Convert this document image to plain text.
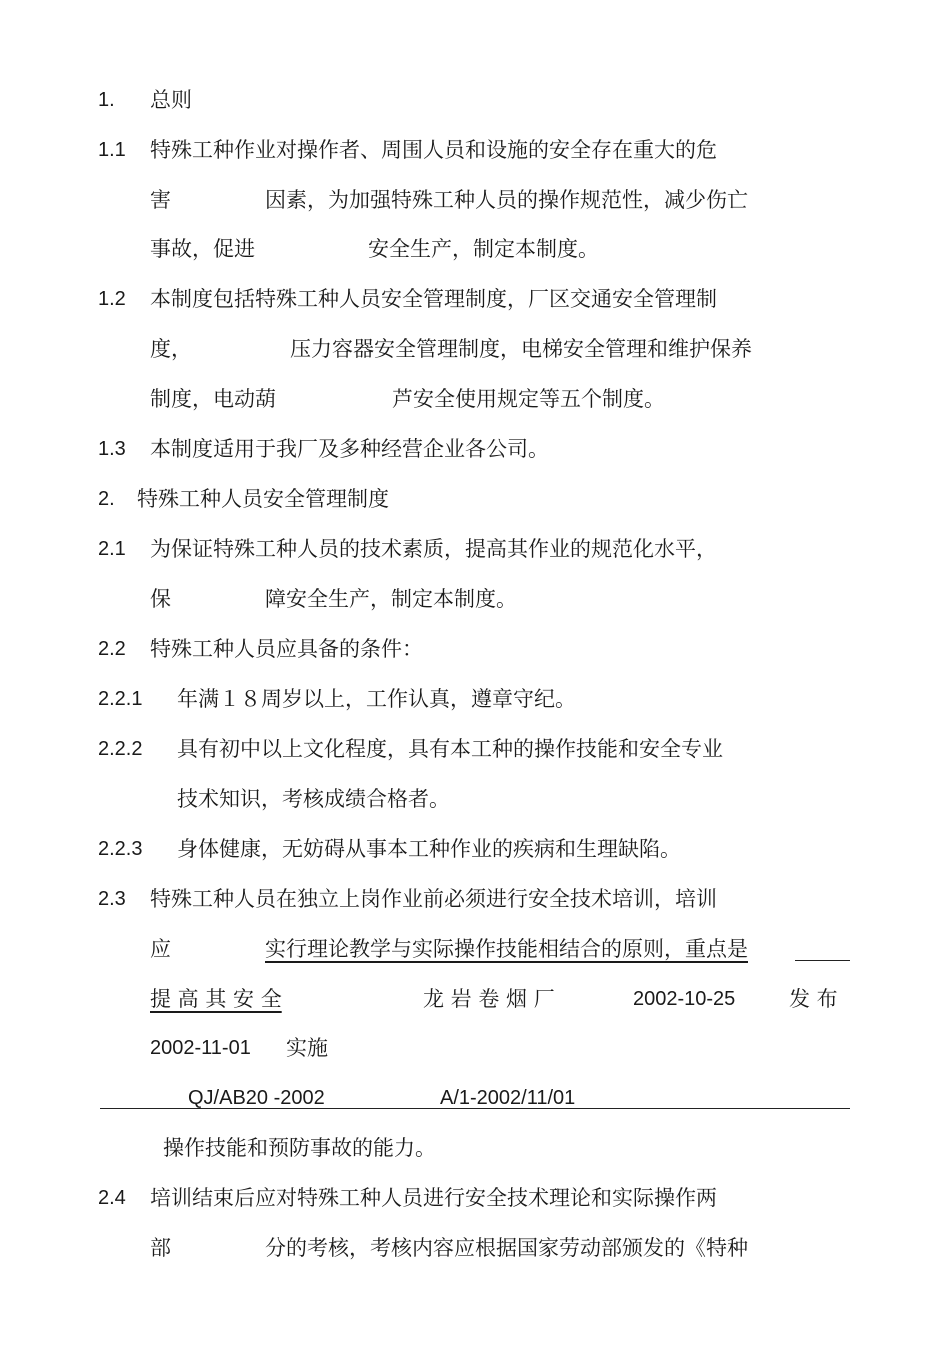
1. 总则
1.1 特殊工种作业对操作者、周围人员和设施的安全存在重大的危
害	因素，为加强特殊工种人员的操作规范性，减少伤亡
事故，促进	安全生产，制定本制度。
1.2 本制度包括特殊工种人员安全管理制度，厂区交通安全管理制
度，	压力容器安全管理制度，电梯安全管理和维护保养
制度，电动葫	芦安全使用规定等五个制度。
1.3 本制度适用于我厂及多种经营企业各公司。
2. 特殊工种人员安全管理制度
2.1 为保证特殊工种人员的技术素质，提高其作业的规范化水平，
保	障安全生产，制定本制度。
2.2 特殊工种人员应具备的条件：
2.2.1 年满１８周岁以上，工作认真，遵章守纪。
2.2.2 具有初中以上文化程度，具有本工种的操作技能和安全专业
技术知识，考核成绩合格者。
2.2.3 身体健康，无妨碍从事本工种作业的疾病和生理缺陷。
2.3 特殊工种人员在独立上岗作业前必须进行安全技术培训，培训
应	实行理论教学与实际操作技能相结合的原则，重点是
提 高 其 安 全	龙 岩 卷 烟 厂	2002-10-25	发 布
2002-11-01 实施
QJ/AB20 -2002	A/1-2002/11/01
操作技能和预防事故的能力。
2.4 培训结束后应对特殊工种人员进行安全技术理论和实际操作两
部	分的考核，考核内容应根据国家劳动部颁发的《特种
